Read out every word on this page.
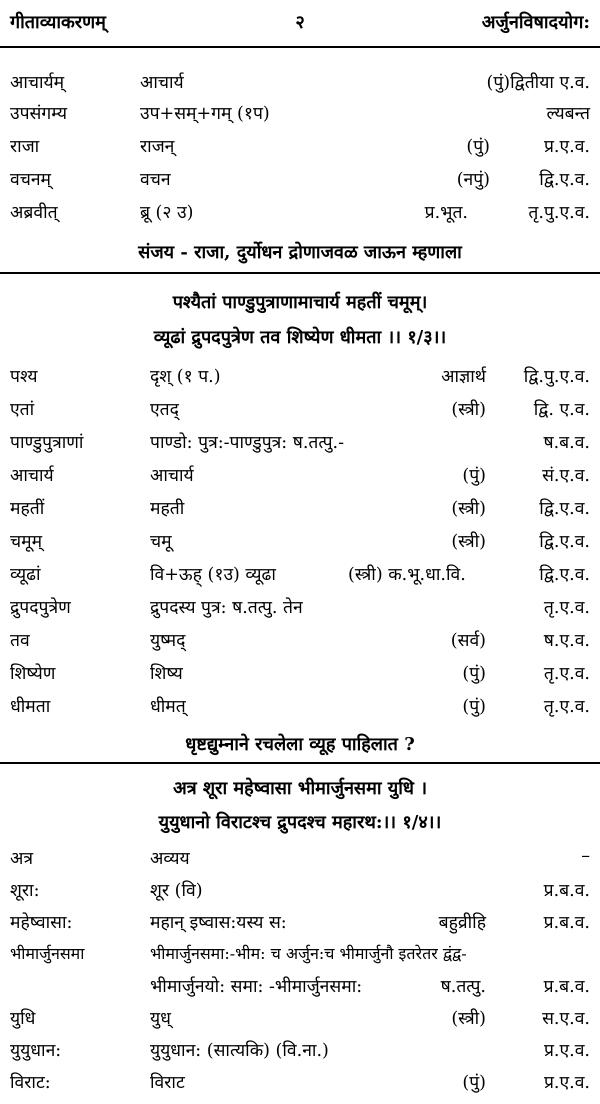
गीताव्याकरणम्	२	अर्जुनविषादयोग:
आचार्यम्	आचार्य	(पुं)द्वितीया ए.व.
उपसंगम्य	उप+सम्+गम् (१प)	ल्यबन्त
राजा	राजन्	(पुं)	प्र.ए.व.
वचनम्	वचन	(नपुं)	द्वि.ए.व.
अब्रवीत्	ब्रू (२ उ)	प्र.भूत.	तृ.पु.ए.व.
संजय - राजा, दुर्योधन द्रोणाजवळ जाऊन म्हणाला
पश्यैतां पाण्डुपुत्राणामाचार्य महतीं चमूम्।
व्यूढां द्रुपदपुत्रेण तव शिष्येण धीमता ।। १/३।।
पश्य	दृश् (१ प.)	आज्ञार्थ द्वि.पु.ए.व.
एतां	एतद्	(स्त्री)	द्वि. ए.व.
पाण्डुपुत्राणां	पाण्डो: पुत्र:-पाण्डुपुत्र: ष.तत्पु.-	ष.ब.व.
आचार्य	आचार्य	(पुं)	सं.ए.व.
महतीं	महती	(स्त्री)	द्वि.ए.व.
चमूम्	चमू	(स्त्री)	द्वि.ए.व.
व्यूढां	वि+ऊह् (१उ) व्यूढा	(स्त्री) क.भू.धा.वि.	द्वि.ए.व.
द्रुपदपुत्रेण	द्रुपदस्य पुत्र: ष.तत्पु. तेन	तृ.ए.व.
तव	युष्मद्	(सर्व)	ष.ए.व.
शिष्येण	शिष्य	(पुं)	तृ.ए.व.
धीमता	धीमत्	(पुं)	तृ.ए.व.
धृष्टद्युम्नाने रचलेला व्यूह पाहिलात ?
अत्र शूरा महेष्वासा भीमार्जुनसमा युधि ।
युयुधानो विराटश्च द्रुपदश्च महारथ:।। १/४।।
अत्र	अव्यय	–
शूरा:	शूर (वि)	प्र.ब.व.
महेष्वासा:	महान् इष्वास:यस्य स:	बहुव्रीहि	प्र.ब.व.
भीमार्जुनसमा	भीमार्जुनसमा:-भीम: च अर्जुन:च भीमार्जुनौ इतरेतर द्वंद्व-
भीमार्जुनयो: समा: -भीमार्जुनसमा:	ष.तत्पु.	प्र.ब.व.
युधि	युध्	(स्त्री)	स.ए.व.
युयुधान:	युयुधान: (सात्यकि) (वि.ना.)	प्र.ए.व.
विराट:	विराट	(पुं)	प्र.ए.व.
